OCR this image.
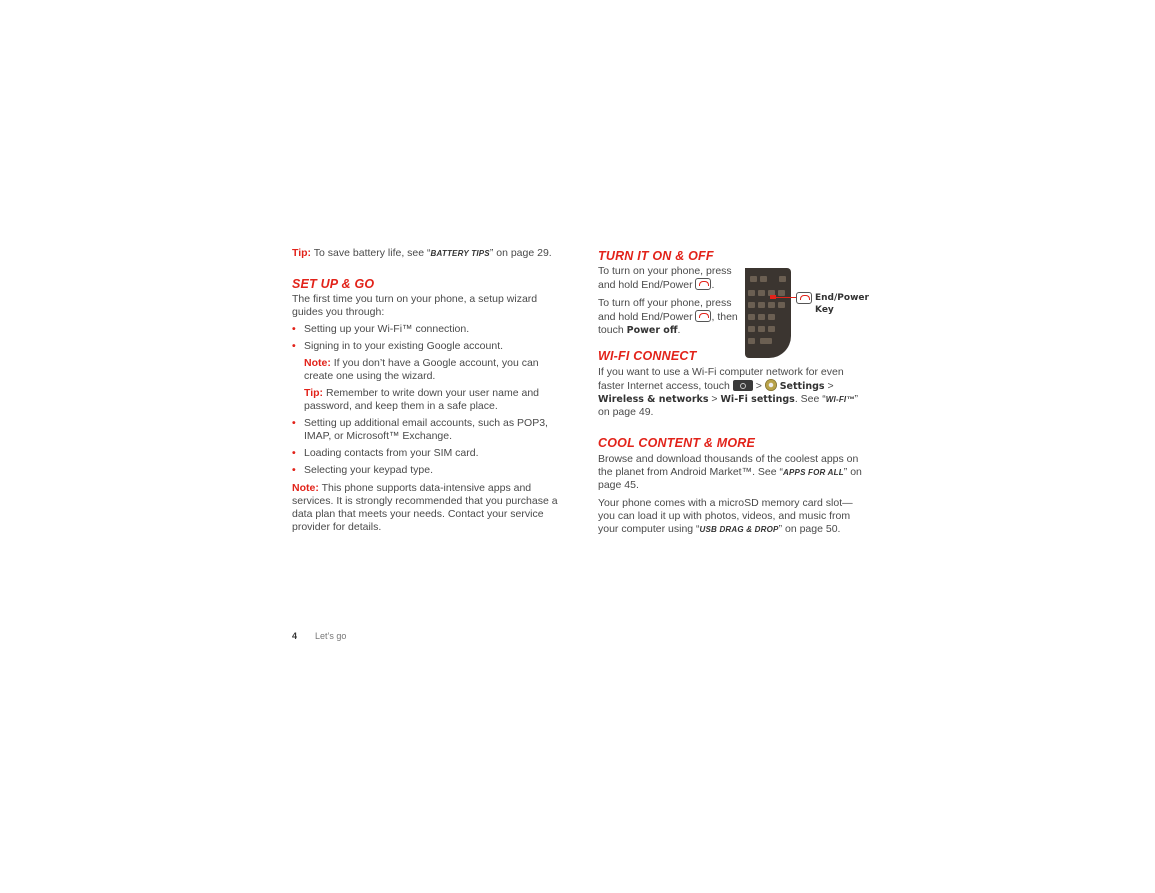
Tip: To save battery life, see “BATTERY TIPS” on page 29.

SET UP & GO

The first time you turn on your phone, a setup wizard guides you through:

• Setting up your Wi-Fi™ connection.
• Signing in to your existing Google account.

Note: If you don’t have a Google account, you can create one using the wizard.

Tip: Remember to write down your user name and password, and keep them in a safe place.

• Setting up additional email accounts, such as POP3, IMAP, or Microsoft™ Exchange.
• Loading contacts from your SIM card.
• Selecting your keypad type.

Note: This phone supports data-intensive apps and services. It is strongly recommended that you purchase a data plan that meets your needs. Contact your service provider for details.

TURN IT ON & OFF

To turn on your phone, press and hold End/Power .

To turn off your phone, press and hold End/Power , then touch Power off.

WI-FI CONNECT

If you want to use a Wi-Fi computer network for even faster Internet access, touch  >  Settings > Wireless & networks > Wi-Fi settings. See “WI-FI™” on page 49.

COOL CONTENT & MORE

Browse and download thousands of the coolest apps on the planet from Android Market™. See “APPS FOR ALL” on page 45.

Your phone comes with a microSD memory card slot—you can load it up with photos, videos, and music from your computer using “USB DRAG & DROP” on page 50.

End/Power Key
4 Let’s go
